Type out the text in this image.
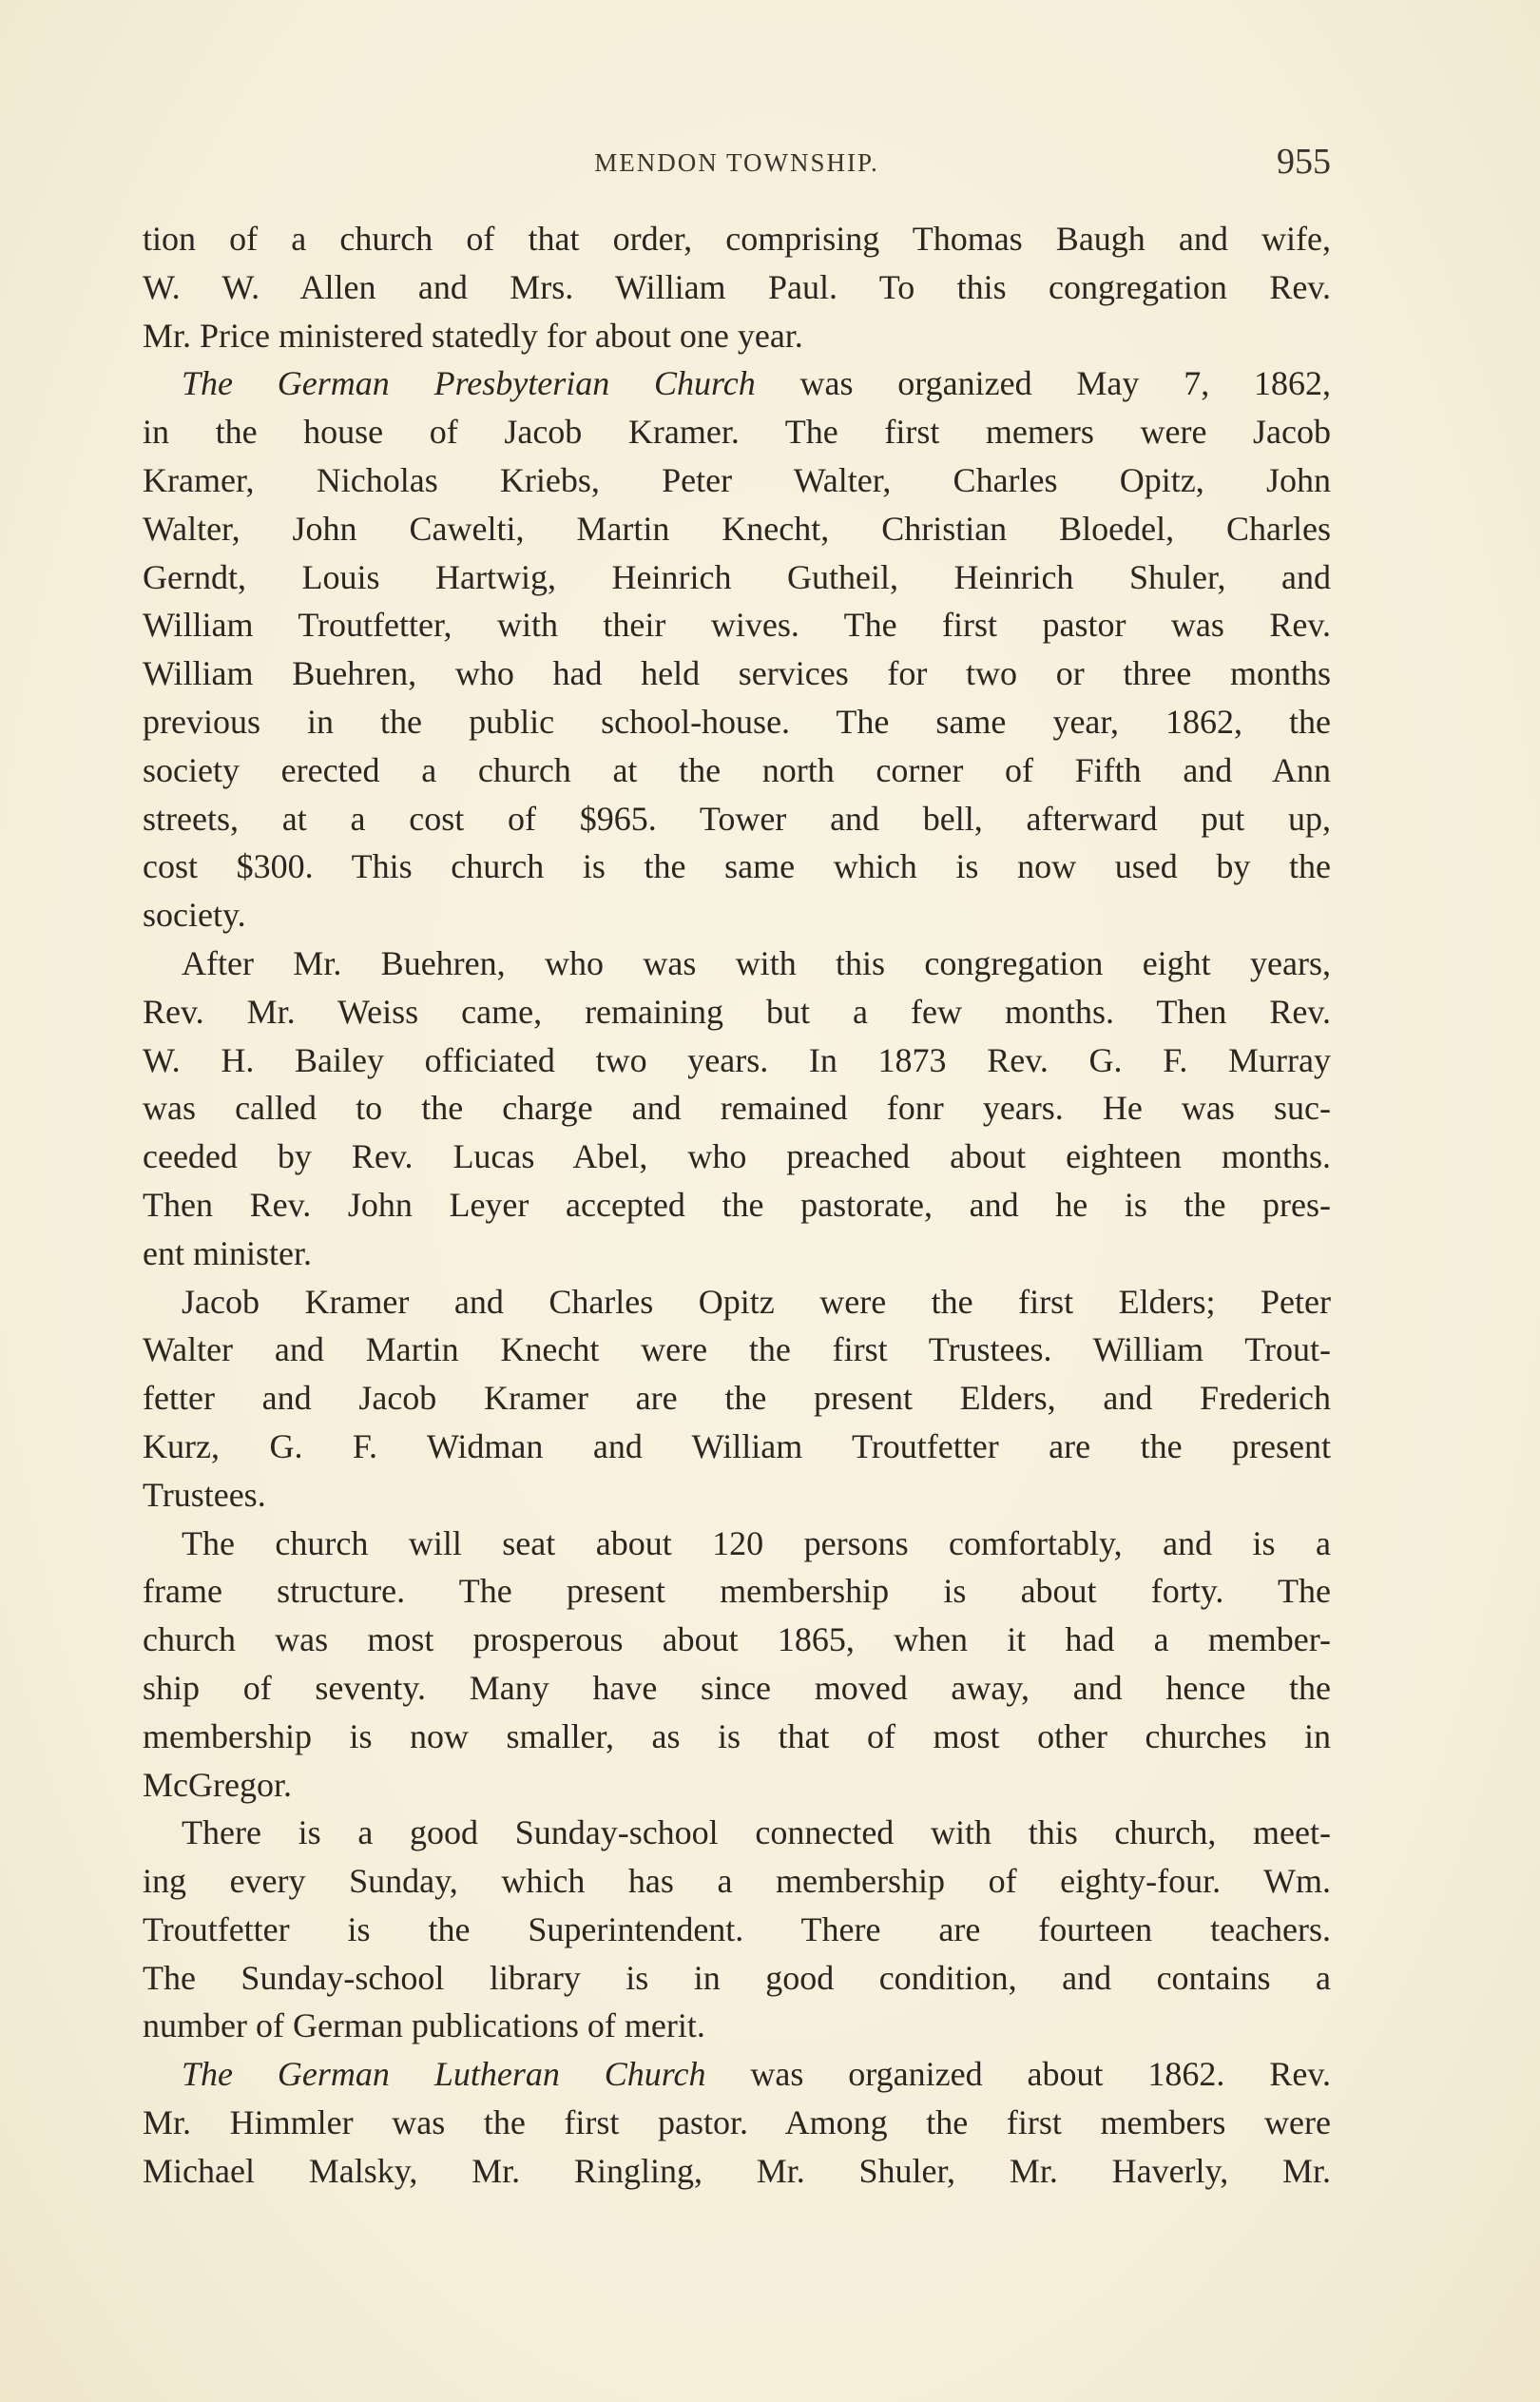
MENDON TOWNSHIP.	955
tion of a church of that order, comprising Thomas Baugh and wife,
W. W. Allen and Mrs. William Paul. To this congregation Rev.
Mr. Price ministered statedly for about one year.
The German Presbyterian Church was organized May 7, 1862,
in the house of Jacob Kramer. The first memers were Jacob
Kramer, Nicholas Kriebs, Peter Walter, Charles Opitz, John
Walter, John Cawelti, Martin Knecht, Christian Bloedel, Charles
Gerndt, Louis Hartwig, Heinrich Gutheil, Heinrich Shuler, and
William Troutfetter, with their wives. The first pastor was Rev.
William Buehren, who had held services for two or three months
previous in the public school-house. The same year, 1862, the
society erected a church at the north corner of Fifth and Ann
streets, at a cost of $965. Tower and bell, afterward put up,
cost $300. This church is the same which is now used by the
society.
After Mr. Buehren, who was with this congregation eight years,
Rev. Mr. Weiss came, remaining but a few months. Then Rev.
W. H. Bailey officiated two years. In 1873 Rev. G. F. Murray
was called to the charge and remained fonr years. He was suc-
ceeded by Rev. Lucas Abel, who preached about eighteen months.
Then Rev. John Leyer accepted the pastorate, and he is the pres-
ent minister.
Jacob Kramer and Charles Opitz were the first Elders; Peter
Walter and Martin Knecht were the first Trustees. William Trout-
fetter and Jacob Kramer are the present Elders, and Frederich
Kurz, G. F. Widman and William Troutfetter are the present
Trustees.
The church will seat about 120 persons comfortably, and is a
frame structure. The present membership is about forty. The
church was most prosperous about 1865, when it had a member-
ship of seventy. Many have since moved away, and hence the
membership is now smaller, as is that of most other churches in
McGregor.
There is a good Sunday-school connected with this church, meet-
ing every Sunday, which has a membership of eighty-four. Wm.
Troutfetter is the Superintendent. There are fourteen teachers.
The Sunday-school library is in good condition, and contains a
number of German publications of merit.
The German Lutheran Church was organized about 1862. Rev.
Mr. Himmler was the first pastor. Among the first members were
Michael Malsky, Mr. Ringling, Mr. Shuler, Mr. Haverly, Mr.
